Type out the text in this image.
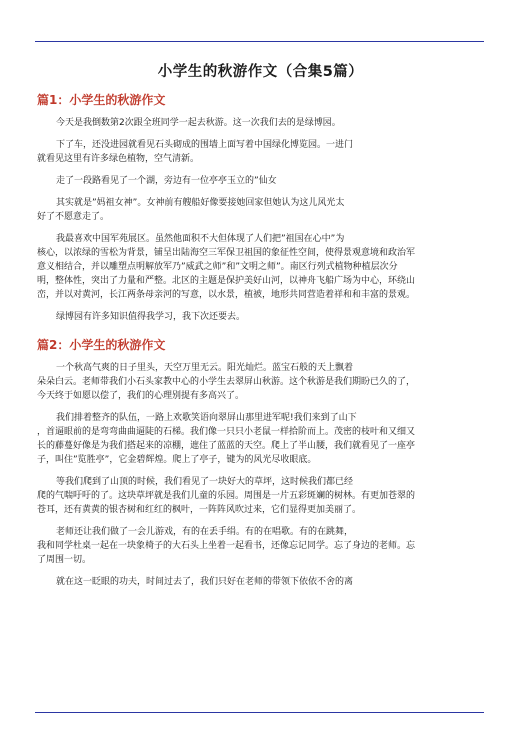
小学生的秋游作文（合集5篇）
篇1：小学生的秋游作文
今天是我倒数第2次跟全班同学一起去秋游。这一次我们去的是绿博园。
下了车，还没进园就看见石头砌成的围墙上面写着中国绿化博览园。一进门
就看见这里有许多绿色植物，空气清新。
走了一段路看见了一个湖，旁边有一位亭亭玉立的”仙女
其实就是”妈祖女神”。女神前有艘船好像要接她回家但她认为这儿风光太
好了不愿意走了。
我最喜欢中国军苑展区。虽然他面积不大但体现了人们把”祖国在心中”为
核心，以浓绿的雪松为背景，铺呈出陆海空三军保卫祖国的象征性空间，使得景观意境和政治军
意义相结合，并以雕塑点明解放军乃”威武之师”和”文明之师”。南区行列式植物种植层次分
明，整体性，突出了力量和严整。北区的主题是保护美好山河，以神舟飞船广场为中心，环绕山
峦，并以对黄河，长江两条母亲河的写意，以水景，植被，地形共同营造着祥和和丰富的景观。
绿博园有许多知识值得我学习，我下次还要去。
篇2：小学生的秋游作文
一个秋高气爽的日子里头，天空万里无云。阳光灿烂。蓝宝石般的天上飘着
朵朵白云。老师带我们小石头家教中心的小学生去翠屏山秋游。这个秋游是我们期盼已久的了，
今天终于如愿以偿了，我们的心理别提有多高兴了。
我们排着整齐的队伍，一路上欢歌笑语向翠屏山那里进军呢!我们来到了山下
，首逼眼前的是弯弯曲曲逼陡的石梯。我们像一只只小老鼠一样拾阶而上。茂密的枝叶和又细又
长的藤蔓好像是为我们搭起来的凉棚，遮住了蓝蓝的天空。爬上了半山腰，我们就看见了一座亭
子，叫住”览胜亭”，它金碧辉煌。爬上了亭子，键为的风光尽收眼底。
等我们爬到了山顶的时候，我们看见了一块好大的草坪，这时候我们都已经
爬的气喘吁吁的了。这块草坪就是我们儿童的乐园。周围是一片五彩斑斓的树林。有更加苍翠的
苍耳，还有黄黄的银杏树和红红的枫叶，一阵阵风吹过来，它们显得更加美丽了。
老师还让我们做了一会儿游戏，有的在丢手绢。有的在唱歌。有的在跳舞，
我和同学杜桌一起在一块象椅子的大石头上坐着一起看书，还像忘记同学。忘了身边的老师。忘
了周围一切。
就在这一眨眼的功夫，时间过去了，我们只好在老师的带领下依依不舍的离
